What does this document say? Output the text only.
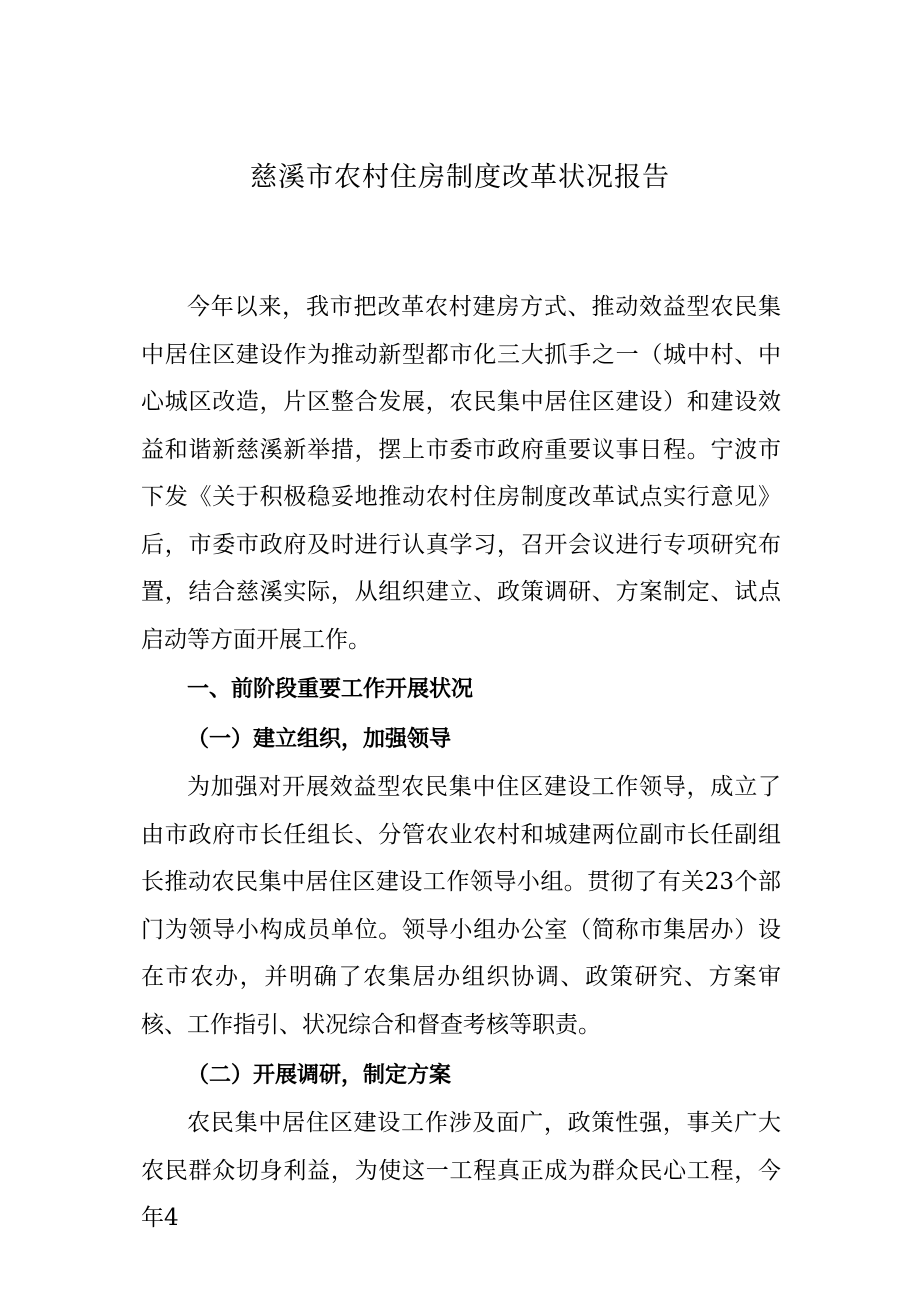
慈溪市农村住房制度改革状况报告

今年以来，我市把改革农村建房方式、推动效益型农民集中居住区建设作为推动新型都市化三大抓手之一（城中村、中心城区改造，片区整合发展，农民集中居住区建设）和建设效益和谐新慈溪新举措，摆上市委市政府重要议事日程。宁波市下发《关于积极稳妥地推动农村住房制度改革试点实行意见》后，市委市政府及时进行认真学习，召开会议进行专项研究布置，结合慈溪实际，从组织建立、政策调研、方案制定、试点启动等方面开展工作。

一、前阶段重要工作开展状况
（一）建立组织，加强领导

为加强对开展效益型农民集中住区建设工作领导，成立了由市政府市长任组长、分管农业农村和城建两位副市长任副组长推动农民集中居住区建设工作领导小组。贯彻了有关23个部门为领导小构成员单位。领导小组办公室（简称市集居办）设在市农办，并明确了农集居办组织协调、政策研究、方案审核、工作指引、状况综合和督查考核等职责。

（二）开展调研，制定方案

农民集中居住区建设工作涉及面广，政策性强，事关广大农民群众切身利益，为使这一工程真正成为群众民心工程，今年4
